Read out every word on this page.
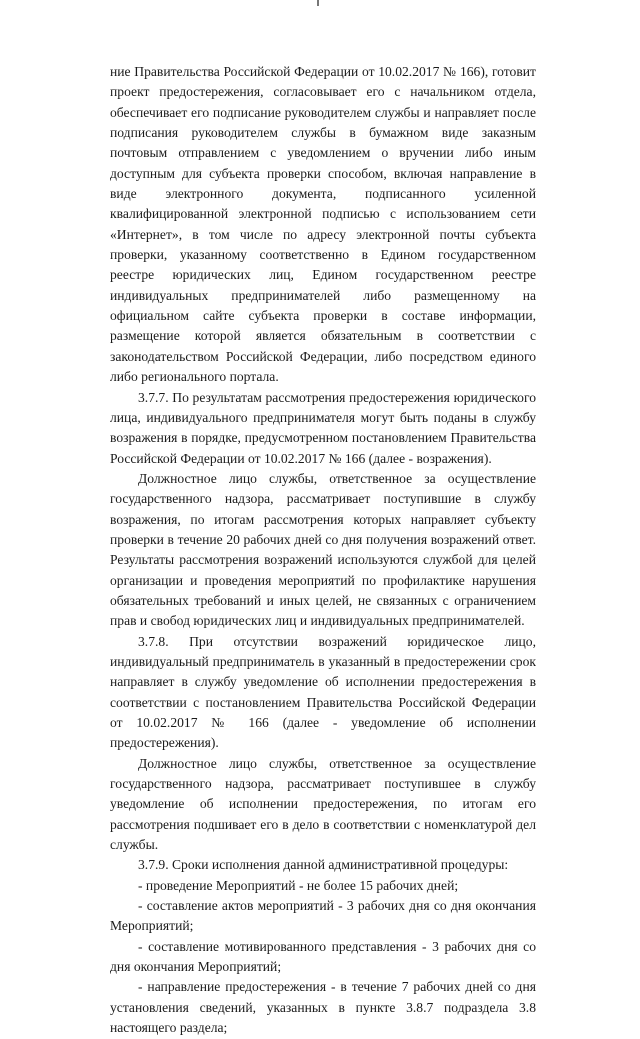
ние Правительства Российской Федерации от 10.02.2017 № 166), готовит проект предостережения, согласовывает его с начальником отдела, обеспечивает его подписание руководителем службы и направляет после подписания руководителем службы в бумажном виде заказным почтовым отправлением с уведомлением о вручении либо иным доступным для субъекта проверки способом, включая направление в виде электронного документа, подписанного усиленной квалифицированной электронной подписью с использованием сети «Интернет», в том числе по адресу электронной почты субъекта проверки, указанному соответственно в Едином государственном реестре юридических лиц, Едином государственном реестре индивидуальных предпринимателей либо размещенному на официальном сайте субъекта проверки в составе информации, размещение которой является обязательным в соответствии с законодательством Российской Федерации, либо посредством единого либо регионального портала.

3.7.7. По результатам рассмотрения предостережения юридического лица, индивидуального предпринимателя могут быть поданы в службу возражения в порядке, предусмотренном постановлением Правительства Российской Федерации от 10.02.2017 № 166 (далее - возражения).

Должностное лицо службы, ответственное за осуществление государственного надзора, рассматривает поступившие в службу возражения, по итогам рассмотрения которых направляет субъекту проверки в течение 20 рабочих дней со дня получения возражений ответ. Результаты рассмотрения возражений используются службой для целей организации и проведения мероприятий по профилактике нарушения обязательных требований и иных целей, не связанных с ограничением прав и свобод юридических лиц и индивидуальных предпринимателей.

3.7.8. При отсутствии возражений юридическое лицо, индивидуальный предприниматель в указанный в предостережении срок направляет в службу уведомление об исполнении предостережения в соответствии с постановлением Правительства Российской Федерации от 10.02.2017 № 166 (далее - уведомление об исполнении предостережения).

Должностное лицо службы, ответственное за осуществление государственного надзора, рассматривает поступившее в службу уведомление об исполнении предостережения, по итогам его рассмотрения подшивает его в дело в соответствии с номенклатурой дел службы.

3.7.9. Сроки исполнения данной административной процедуры:

- проведение Мероприятий - не более 15 рабочих дней;

- составление актов мероприятий - 3 рабочих дня со дня окончания Мероприятий;

- составление мотивированного представления - 3 рабочих дня со дня окончания Мероприятий;

- направление предостережения - в течение 7 рабочих дней со дня установления сведений, указанных в пункте 3.8.7 подраздела 3.8 настоящего раздела;
